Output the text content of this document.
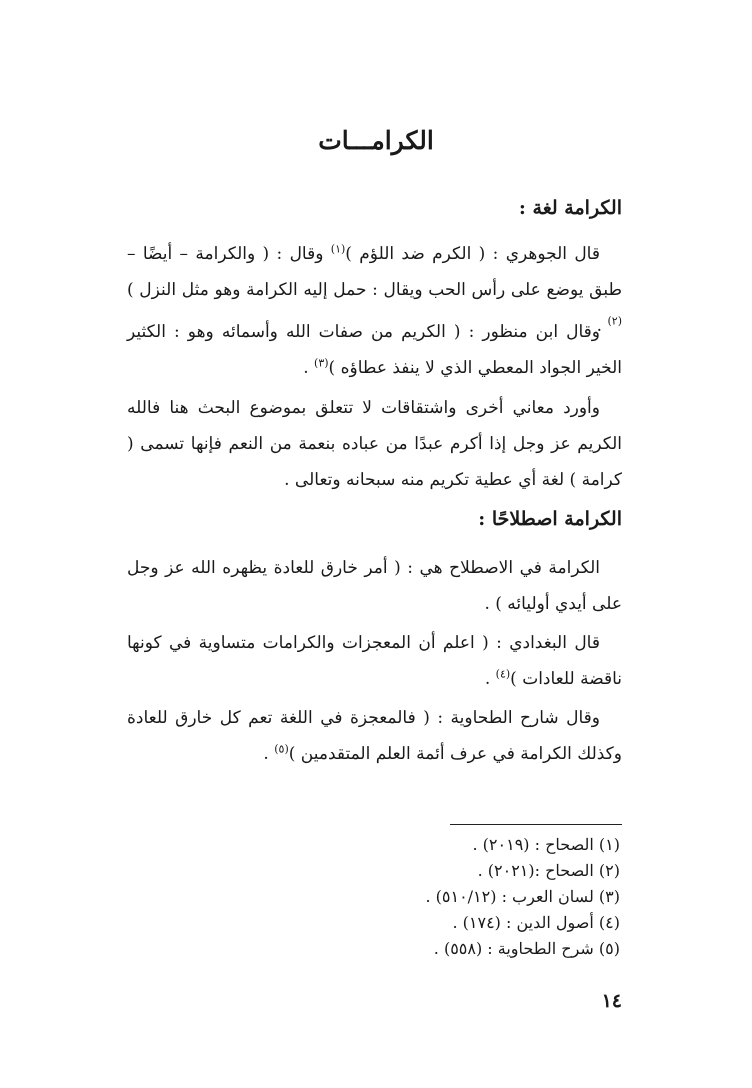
الكرامـــات
الكرامة لغة :

قال الجوهري : ( الكرم ضد اللؤم )$^{(١)}$ وقال : ( والكرامة – أيضًا – طبق يوضع على رأس الحب ويقال : حمل إليه الكرامة وهو مثل النزل )$^{(٢)}$ .

وقال ابن منظور : ( الكريم من صفات الله وأسمائه وهو : الكثير الخير الجواد المعطي الذي لا ينفذ عطاؤه )$^{(٣)}$ .

وأورد معاني أخرى واشتقاقات لا تتعلق بموضوع البحث هنا فالله الكريم عز وجل إذا أكرم عبدًا من عباده بنعمة من النعم فإنها تسمى ( كرامة ) لغة أي عطية تكريم منه سبحانه وتعالى .

الكرامة اصطلاحًا :

الكرامة في الاصطلاح هي : ( أمر خارق للعادة يظهره الله عز وجل على أيدي أوليائه ) .

قال البغدادي : ( اعلم أن المعجزات والكرامات متساوية في كونها ناقضة للعادات )$^{(٤)}$ .

وقال شارح الطحاوية : ( فالمعجزة في اللغة تعم كل خارق للعادة وكذلك الكرامة في عرف أئمة العلم المتقدمين )$^{(٥)}$ .

(١) الصحاح : (٢٠١٩) .
(٢) الصحاح :(٢٠٢١) .
(٣) لسان العرب : (٥١٠/١٢) .
(٤) أصول الدين : (١٧٤) .
(٥) شرح الطحاوية : (٥٥٨) .
١٤
